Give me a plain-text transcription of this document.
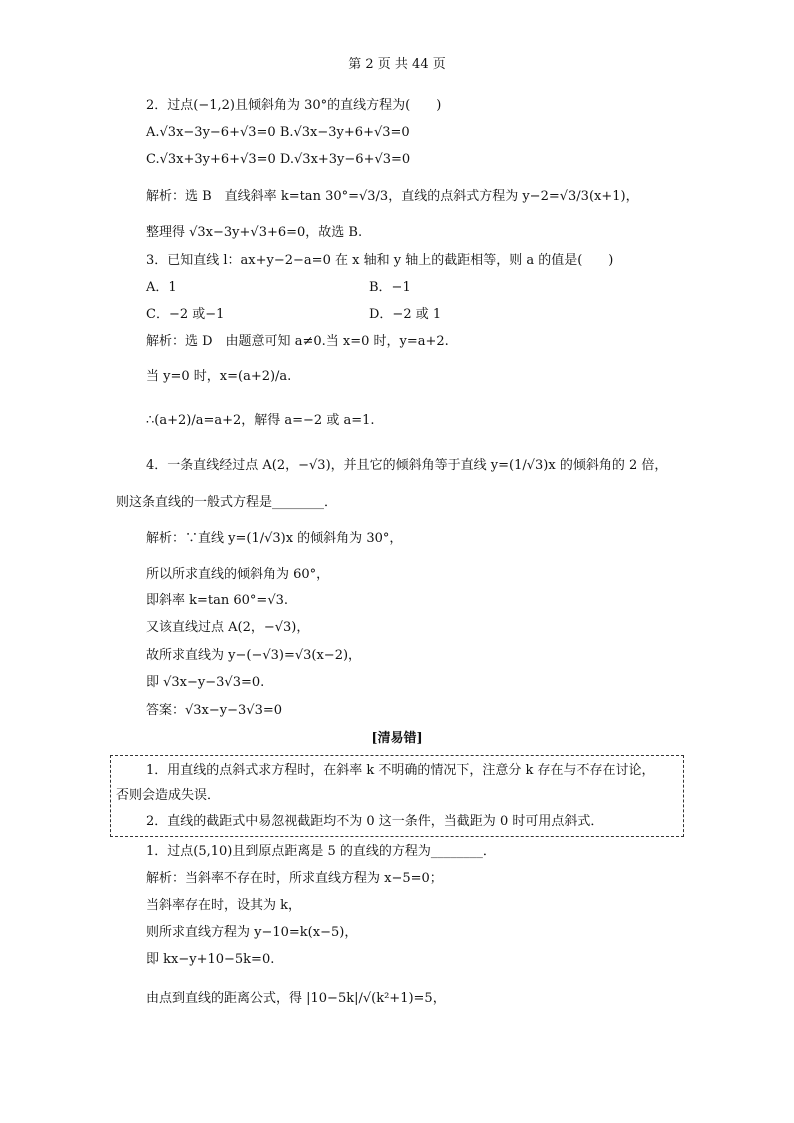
第 2 页 共 44 页
2．过点(−1,2)且倾斜角为 30°的直线方程为(　　)
A.√3x−3y−6+√3=0 B.√3x−3y+6+√3=0
C.√3x+3y+6+√3=0 D.√3x+3y−6+√3=0
解析：选 B　直线斜率 k=tan 30°=√3/3，直线的点斜式方程为 y−2=√3/3(x+1)，
整理得 √3x−3y+√3+6=0，故选 B.
3．已知直线 l：ax+y−2−a=0 在 x 轴和 y 轴上的截距相等，则 a 的值是(　　)
A．1	B．−1
C．−2 或−1	D．−2 或 1
解析：选 D　由题意可知 a≠0.当 x=0 时，y=a+2.
当 y=0 时，x=(a+2)/a.
∴(a+2)/a=a+2，解得 a=−2 或 a=1.
4．一条直线经过点 A(2，−√3)，并且它的倾斜角等于直线 y=(1/√3)x 的倾斜角的 2 倍，
则这条直线的一般式方程是________．
解析：∵直线 y=(1/√3)x 的倾斜角为 30°，
所以所求直线的倾斜角为 60°，
即斜率 k=tan 60°=√3.
又该直线过点 A(2，−√3)，
故所求直线为 y−(−√3)=√3(x−2)，
即 √3x−y−3√3=0.
答案：√3x−y−3√3=0
[清易错]
1．用直线的点斜式求方程时，在斜率 k 不明确的情况下，注意分 k 存在与不存在讨论，
否则会造成失误．
2．直线的截距式中易忽视截距均不为 0 这一条件，当截距为 0 时可用点斜式．
1．过点(5,10)且到原点距离是 5 的直线的方程为________．
解析：当斜率不存在时，所求直线方程为 x−5=0；
当斜率存在时，设其为 k，
则所求直线方程为 y−10=k(x−5)，
即 kx−y+10−5k=0.
由点到直线的距离公式，得 |10−5k|/√(k²+1)=5，
